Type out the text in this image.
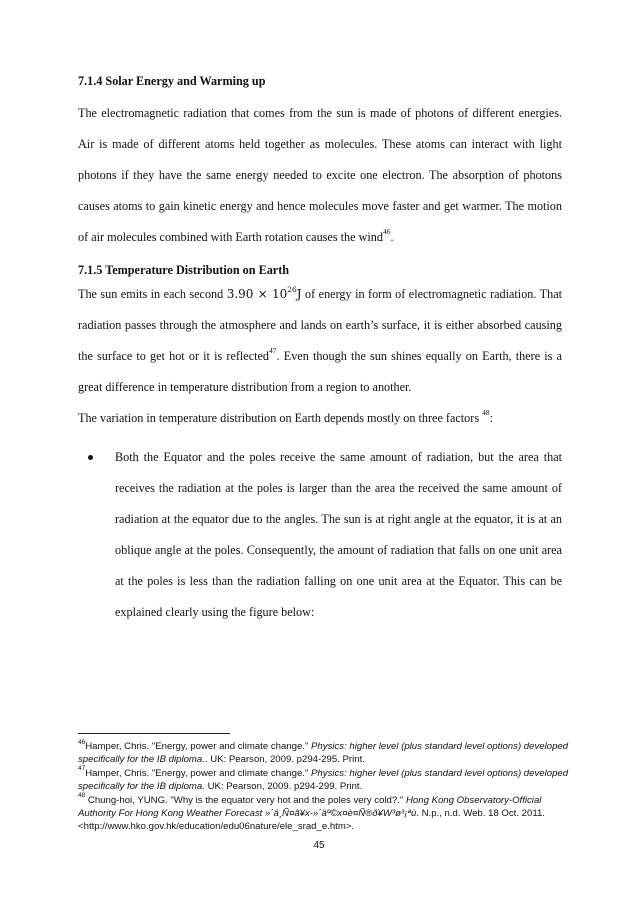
7.1.4 Solar Energy and Warming up

The electromagnetic radiation that comes from the sun is made of photons of different energies. Air is made of different atoms held together as molecules. These atoms can interact with light photons if they have the same energy needed to excite one electron. The absorption of photons causes atoms to gain kinetic energy and hence molecules move faster and get warmer. The motion of air molecules combined with Earth rotation causes the wind$^{46}$.

7.1.5 Temperature Distribution on Earth

The sun emits in each second $3.90 \times 10^{26}J$ of energy in form of electromagnetic radiation. That radiation passes through the atmosphere and lands on earth’s surface, it is either absorbed causing the surface to get hot or it is reflected$^{47}$. Even though the sun shines equally on Earth, there is a great difference in temperature distribution from a region to another.

The variation in temperature distribution on Earth depends mostly on three factors $^{48}$:

Both the Equator and the poles receive the same amount of radiation, but the area that receives the radiation at the poles is larger than the area the received the same amount of radiation at the equator due to the angles. The sun is at right angle at the equator, it is at an oblique angle at the poles. Consequently, the amount of radiation that falls on one unit area at the poles is less than the radiation falling on one unit area at the Equator. This can be explained clearly using the figure below:

$^{46}$Hamper, Chris. "Energy, power and climate change." Physics: higher level (plus standard level options) developed specifically for the IB diploma.. UK: Pearson, 2009. p294-295. Print.

$^{47}$Hamper, Chris. "Energy, power and climate change." Physics: higher level (plus standard level options) developed specifically for the IB diploma. UK: Pearson, 2009. p294-299. Print.

$^{48}$ Chung-hoi, YUNG. "Why is the equator very hot and the poles very cold?." Hong Kong Observatory-Official Authority For Hong Kong Weather Forecast »´ä¸Ñ¤ã¥x-»´äº©x¤è¤Ñ®ð¥W³ø³¡ªù. N.p., n.d. Web. 18 Oct. 2011. <http://www.hko.gov.hk/education/edu06nature/ele_srad_e.htm>.

45
